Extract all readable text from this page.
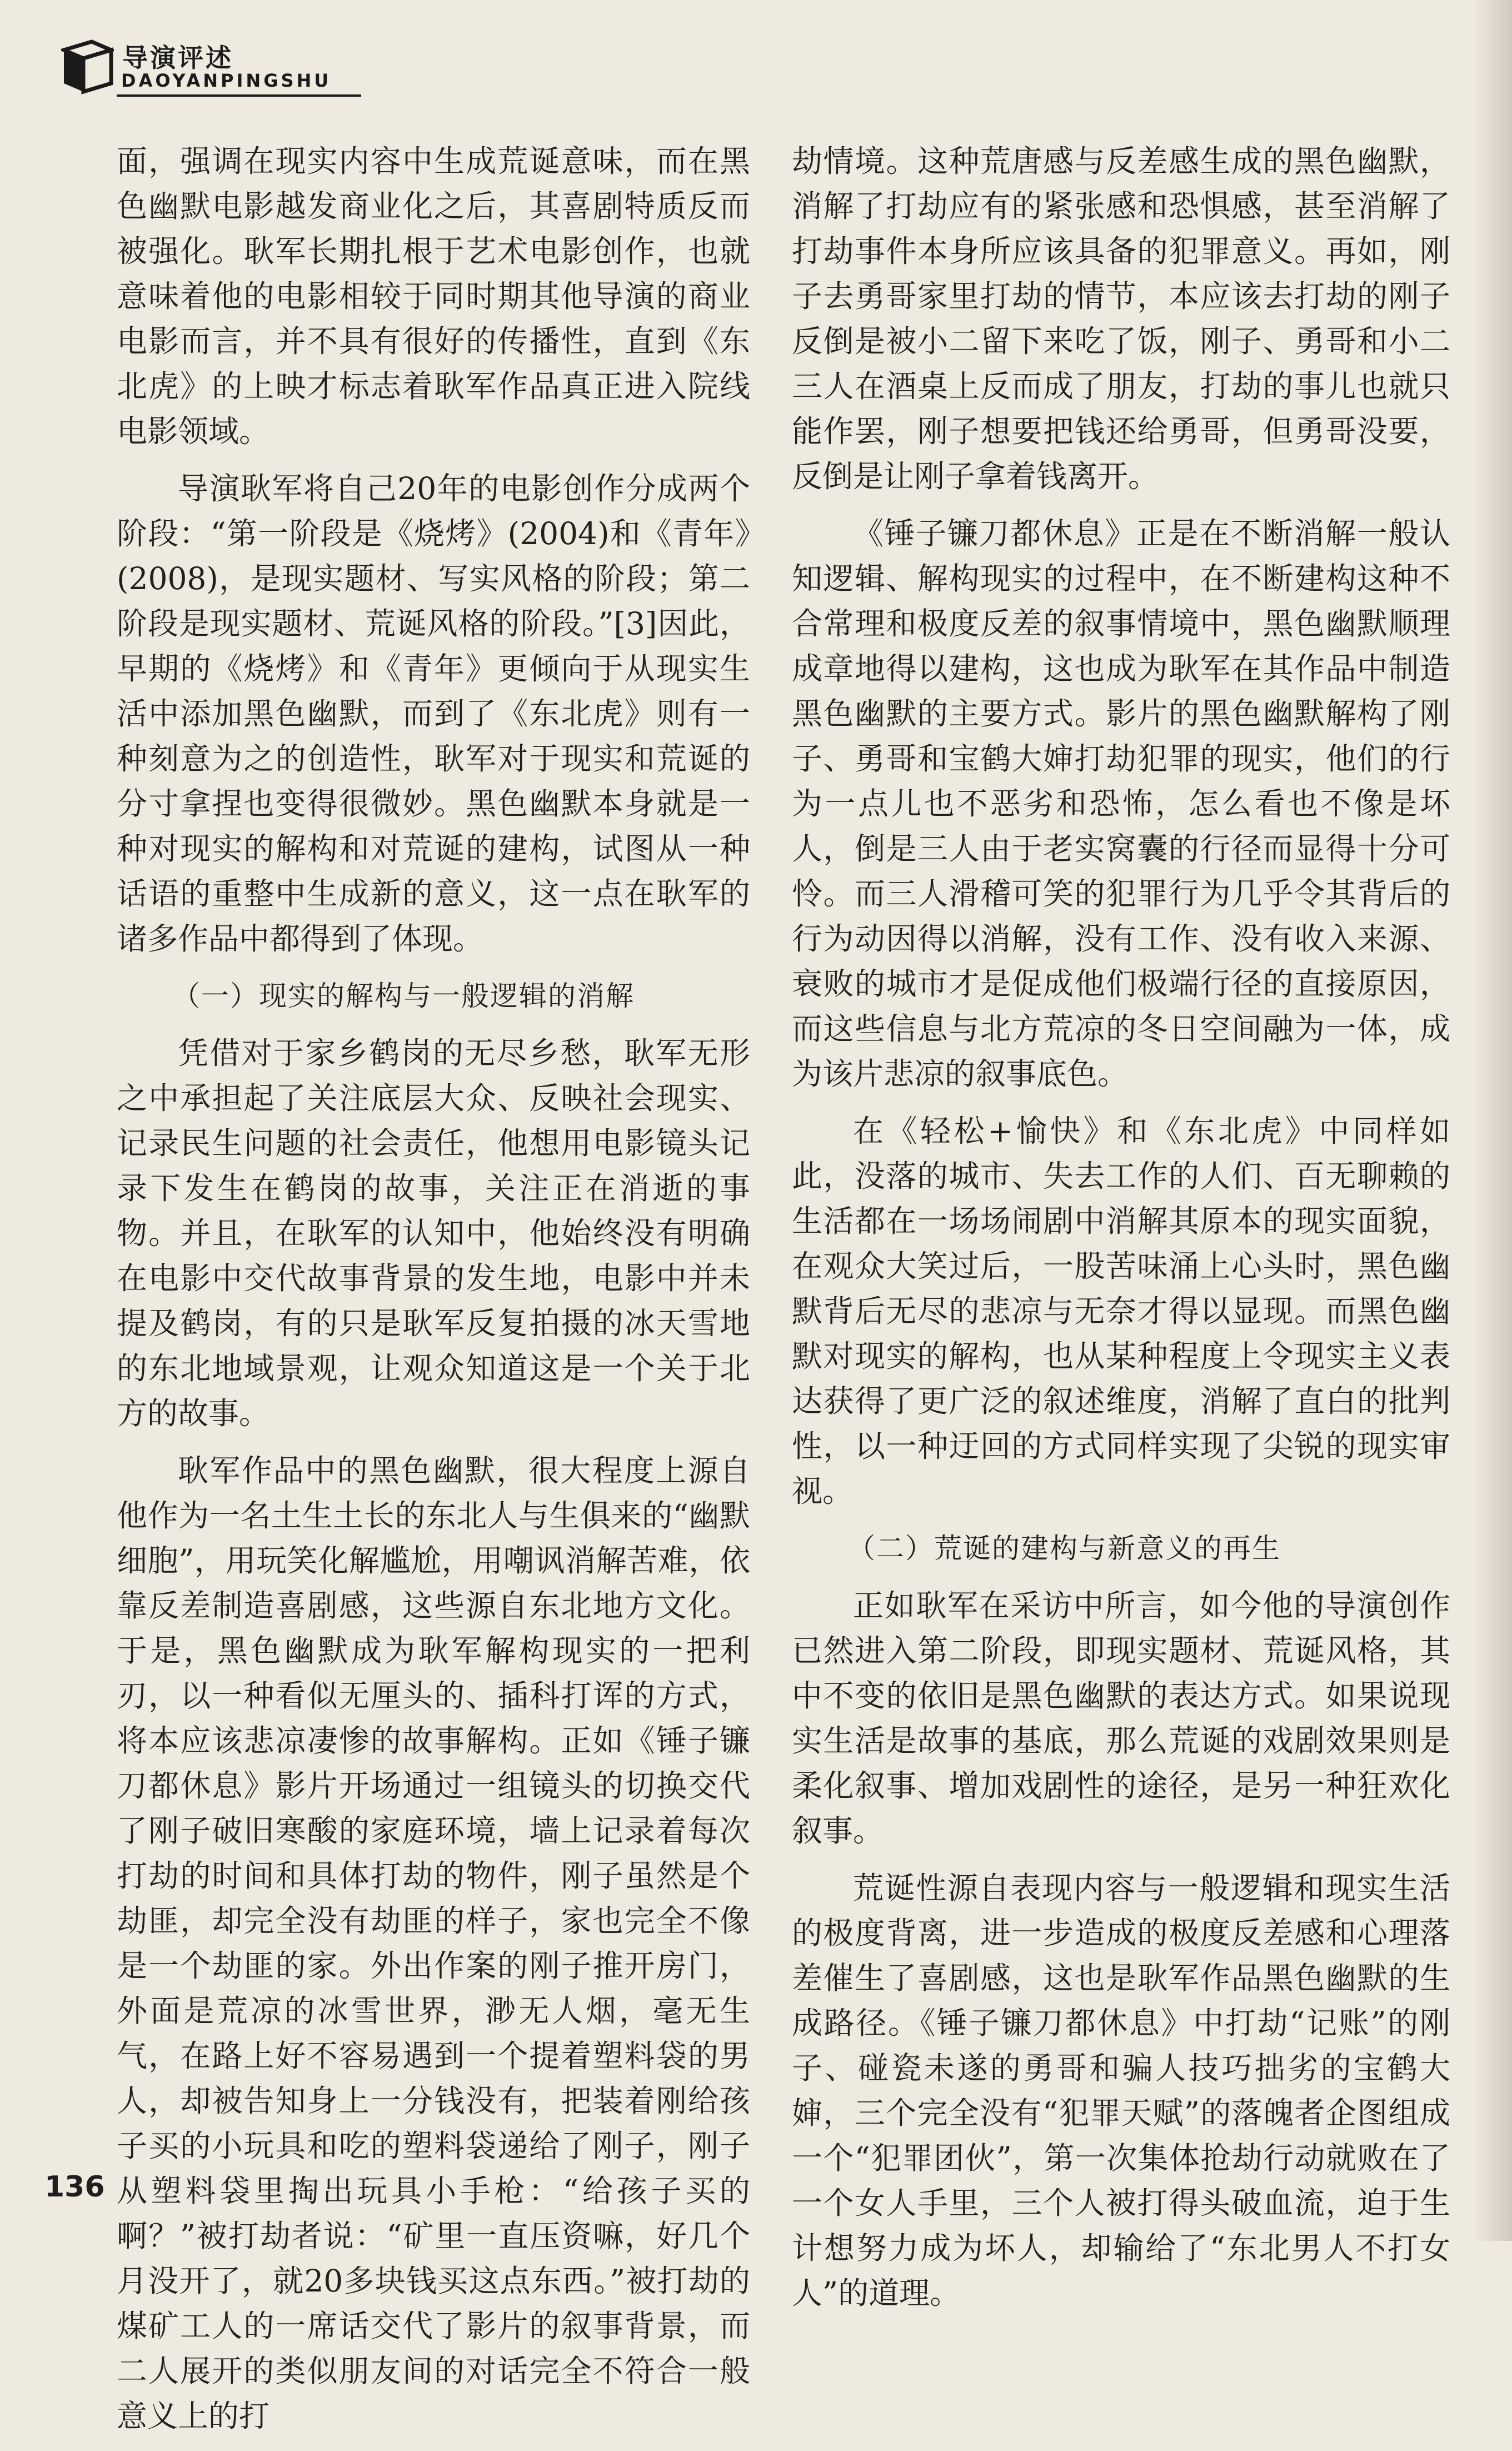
导演评述
DAOYANPINGSHU

面，强调在现实内容中生成荒诞意味，而在黑色幽默电影越发商业化之后，其喜剧特质反而被强化。耿军长期扎根于艺术电影创作，也就意味着他的电影相较于同时期其他导演的商业电影而言，并不具有很好的传播性，直到《东北虎》的上映才标志着耿军作品真正进入院线电影领域。

导演耿军将自己20年的电影创作分成两个阶段：“第一阶段是《烧烤》(2004)和《青年》(2008)，是现实题材、写实风格的阶段；第二阶段是现实题材、荒诞风格的阶段。”[3]因此，早期的《烧烤》和《青年》更倾向于从现实生活中添加黑色幽默，而到了《东北虎》则有一种刻意为之的创造性，耿军对于现实和荒诞的分寸拿捏也变得很微妙。黑色幽默本身就是一种对现实的解构和对荒诞的建构，试图从一种话语的重整中生成新的意义，这一点在耿军的诸多作品中都得到了体现。

（一）现实的解构与一般逻辑的消解

凭借对于家乡鹤岗的无尽乡愁，耿军无形之中承担起了关注底层大众、反映社会现实、记录民生问题的社会责任，他想用电影镜头记录下发生在鹤岗的故事，关注正在消逝的事物。并且，在耿军的认知中，他始终没有明确在电影中交代故事背景的发生地，电影中并未提及鹤岗，有的只是耿军反复拍摄的冰天雪地的东北地域景观，让观众知道这是一个关于北方的故事。

耿军作品中的黑色幽默，很大程度上源自他作为一名土生土长的东北人与生俱来的“幽默细胞”，用玩笑化解尴尬，用嘲讽消解苦难，依靠反差制造喜剧感，这些源自东北地方文化。于是，黑色幽默成为耿军解构现实的一把利刃，以一种看似无厘头的、插科打诨的方式，将本应该悲凉凄惨的故事解构。正如《锤子镰刀都休息》影片开场通过一组镜头的切换交代了刚子破旧寒酸的家庭环境，墙上记录着每次打劫的时间和具体打劫的物件，刚子虽然是个劫匪，却完全没有劫匪的样子，家也完全不像是一个劫匪的家。外出作案的刚子推开房门，外面是荒凉的冰雪世界，渺无人烟，毫无生气，在路上好不容易遇到一个提着塑料袋的男人，却被告知身上一分钱没有，把装着刚给孩子买的小玩具和吃的塑料袋递给了刚子，刚子从塑料袋里掏出玩具小手枪：“给孩子买的啊？”被打劫者说：“矿里一直压资嘛，好几个月没开了，就20多块钱买这点东西。”被打劫的煤矿工人的一席话交代了影片的叙事背景，而二人展开的类似朋友间的对话完全不符合一般意义上的打

劫情境。这种荒唐感与反差感生成的黑色幽默，消解了打劫应有的紧张感和恐惧感，甚至消解了打劫事件本身所应该具备的犯罪意义。再如，刚子去勇哥家里打劫的情节，本应该去打劫的刚子反倒是被小二留下来吃了饭，刚子、勇哥和小二三人在酒桌上反而成了朋友，打劫的事儿也就只能作罢，刚子想要把钱还给勇哥，但勇哥没要，反倒是让刚子拿着钱离开。

《锤子镰刀都休息》正是在不断消解一般认知逻辑、解构现实的过程中，在不断建构这种不合常理和极度反差的叙事情境中，黑色幽默顺理成章地得以建构，这也成为耿军在其作品中制造黑色幽默的主要方式。影片的黑色幽默解构了刚子、勇哥和宝鹤大婶打劫犯罪的现实，他们的行为一点儿也不恶劣和恐怖，怎么看也不像是坏人，倒是三人由于老实窝囊的行径而显得十分可怜。而三人滑稽可笑的犯罪行为几乎令其背后的行为动因得以消解，没有工作、没有收入来源、衰败的城市才是促成他们极端行径的直接原因，而这些信息与北方荒凉的冬日空间融为一体，成为该片悲凉的叙事底色。

在《轻松+愉快》和《东北虎》中同样如此，没落的城市、失去工作的人们、百无聊赖的生活都在一场场闹剧中消解其原本的现实面貌，在观众大笑过后，一股苦味涌上心头时，黑色幽默背后无尽的悲凉与无奈才得以显现。而黑色幽默对现实的解构，也从某种程度上令现实主义表达获得了更广泛的叙述维度，消解了直白的批判性，以一种迂回的方式同样实现了尖锐的现实审视。

（二）荒诞的建构与新意义的再生

正如耿军在采访中所言，如今他的导演创作已然进入第二阶段，即现实题材、荒诞风格，其中不变的依旧是黑色幽默的表达方式。如果说现实生活是故事的基底，那么荒诞的戏剧效果则是柔化叙事、增加戏剧性的途径，是另一种狂欢化叙事。

荒诞性源自表现内容与一般逻辑和现实生活的极度背离，进一步造成的极度反差感和心理落差催生了喜剧感，这也是耿军作品黑色幽默的生成路径。《锤子镰刀都休息》中打劫“记账”的刚子、碰瓷未遂的勇哥和骗人技巧拙劣的宝鹤大婶，三个完全没有“犯罪天赋”的落魄者企图组成一个“犯罪团伙”，第一次集体抢劫行动就败在了一个女人手里，三个人被打得头破血流，迫于生计想努力成为坏人，却输给了“东北男人不打女人”的道理。

136
